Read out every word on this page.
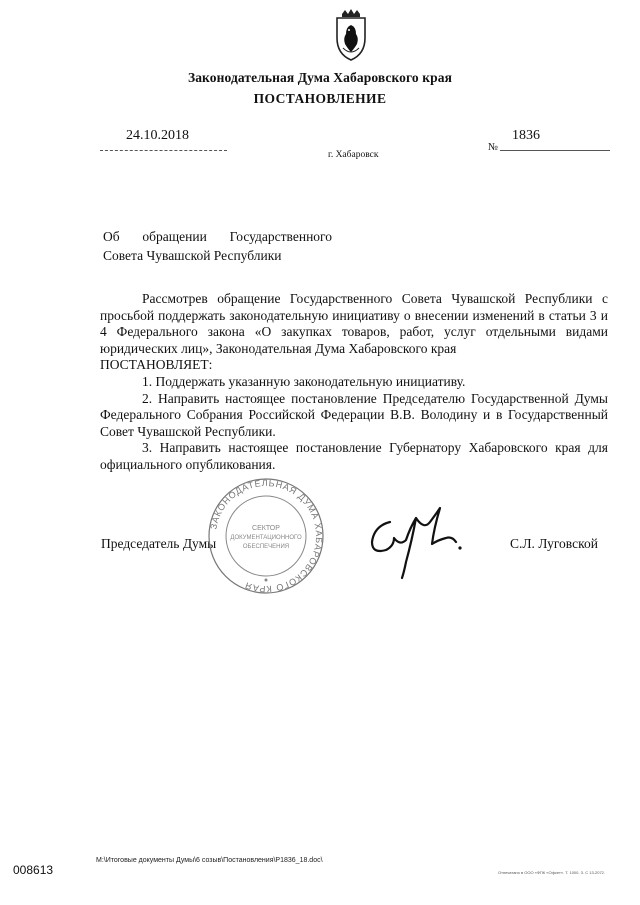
Законодательная Дума Хабаровского края
ПОСТАНОВЛЕНИЕ
24.10.2018
г. Хабаровск
№
1836
Об обращении Государственного
Совета Чувашской Республики

Рассмотрев обращение Государственного Совета Чувашской Республики с просьбой поддержать законодательную инициативу о внесении изменений в статьи 3 и 4 Федерального закона «О закупках товаров, работ, услуг отдельными видами юридических лиц», Законодательная Дума Хабаровского края

ПОСТАНОВЛЯЕТ:

1. Поддержать указанную законодательную инициативу.

2. Направить настоящее постановление Председателю Государственной Думы Федерального Собрания Российской Федерации В.В. Володину и в Государственный Совет Чувашской Республики.

3. Направить настоящее постановление Губернатору Хабаровского края для официального опубликования.

Председатель Думы	С.Л. Луговской
ЗАКОНОДАТЕЛЬНАЯ ДУМА ХАБАРОВСКОГО КРАЯ
СЕКТОР
ДОКУМЕНТАЦИОННОГО
ОБЕСПЕЧЕНИЯ
008613
M:\Итоговые документы Думы\6 созыв\Постановления\Р1836_18.doc\
Отпечатано в ООО «ФПК «Офсет». Т. 1000. З. С 13-2072.
